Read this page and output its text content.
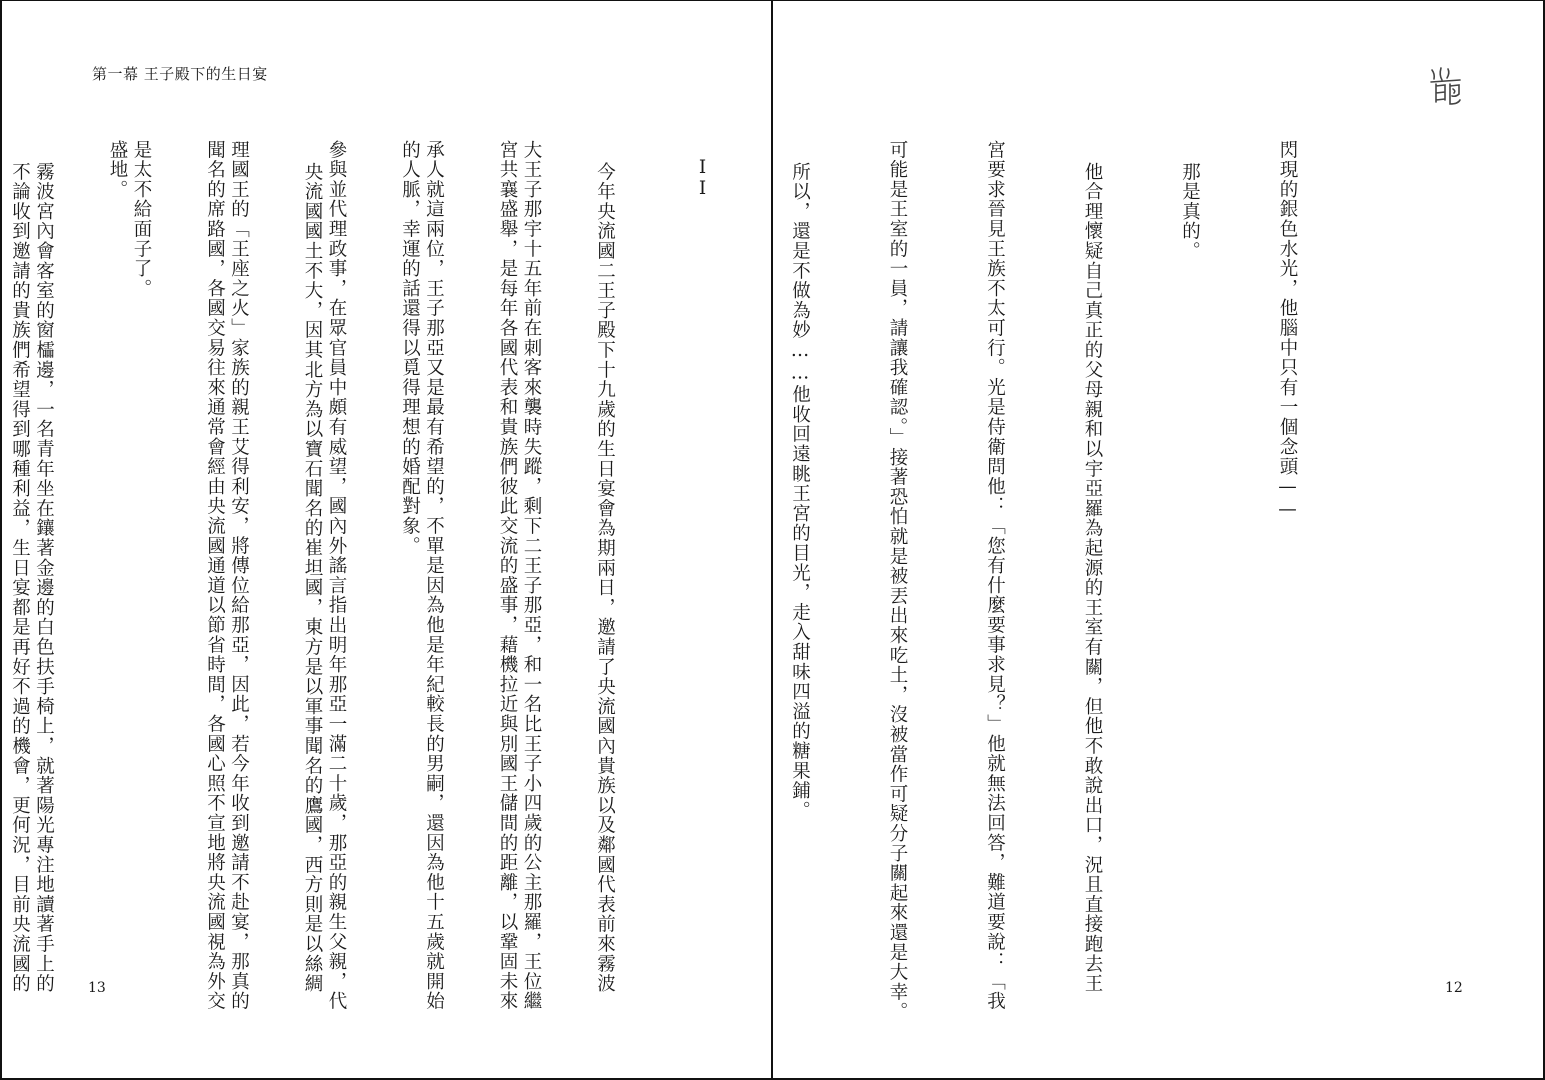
第一幕 王子殿下的生日宴

大王子那宇十五年前在刺客來襲時失蹤，剩下二王子那亞，和一名比王子小四歲的公主那羅，王位繼

承人就這兩位，王子那亞又是最有希望的，不單是因為他是年紀較長的男嗣，還因為他十五歲就開始

參與並代理政事，在眾官員中頗有威望，國內外謠言指出明年那亞一滿二十歲，那亞的親生父親，代

理國王的「王座之火」家族的親王艾得利安，將傳位給那亞，因此，若今年收到邀請不赴宴，那真的

是太不給面子了。

霧波宮內會客室的窗櫺邊，一名青年坐在鑲著金邊的白色扶手椅上，就著陽光專注地讀著手上的

	13

閃現的銀色水光，他腦中只有一個念頭——

那是真的。

他合理懷疑自己真正的父母親和以宇亞羅為起源的王室有關，但他不敢說出口，況且直接跑去王

宮要求晉見王族不太可行。光是侍衛問他：「您有什麼要事求見？」他就無法回答，難道要說：「我

可能是王室的一員，請讓我確認。」接著恐怕就是被丟出來吃土，沒被當作可疑分子關起來還是大幸。

所以，還是不做為妙……他收回遠眺王宮的目光，走入甜味四溢的糖果鋪。

II

今年央流國二王子殿下十九歲的生日宴會為期兩日，邀請了央流國內貴族以及鄰國代表前來霧波

宮共襄盛舉，是每年各國代表和貴族們彼此交流的盛事，藉機拉近與別國王儲間的距離，以鞏固未來

的人脈，幸運的話還得以覓得理想的婚配對象。

央流國國土不大，因其北方為以寶石聞名的崔坦國，東方是以軍事聞名的鷹國，西方則是以絲綢

聞名的席路國，各國交易往來通常會經由央流國通道以節省時間，各國心照不宣地將央流國視為外交

盛地。

不論收到邀請的貴族們希望得到哪種利益，生日宴都是再好不過的機會，更何況，目前央流國的

	12
